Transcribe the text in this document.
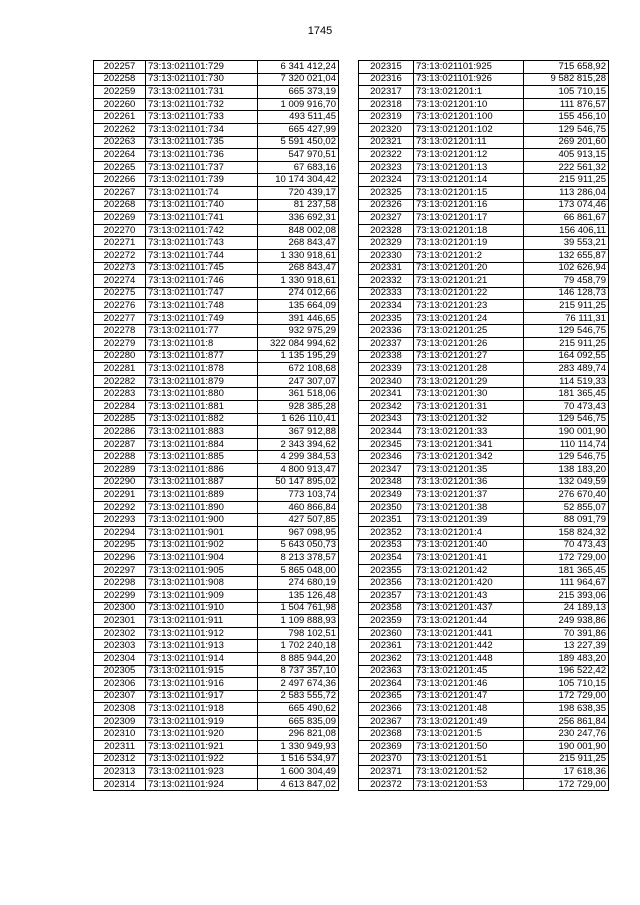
1745
202257	73:13:021101:729	6 341 412,24
202258	73:13:021101:730	7 320 021,04
202259	73:13:021101:731	665 373,19
202260	73:13:021101:732	1 009 916,70
202261	73:13:021101:733	493 511,45
202262	73:13:021101:734	665 427,99
202263	73:13:021101:735	5 591 450,02
202264	73:13:021101:736	547 970,51
202265	73:13:021101:737	67 683,16
202266	73:13:021101:739	10 174 304,42
202267	73:13:021101:74	720 439,17
202268	73:13:021101:740	81 237,58
202269	73:13:021101:741	336 692,31
202270	73:13:021101:742	848 002,08
202271	73:13:021101:743	268 843,47
202272	73:13:021101:744	1 330 918,61
202273	73:13:021101:745	268 843,47
202274	73:13:021101:746	1 330 918,61
202275	73:13:021101:747	274 012,66
202276	73:13:021101:748	135 664,09
202277	73:13:021101:749	391 446,65
202278	73:13:021101:77	932 975,29
202279	73:13:021101:8	322 084 994,62
202280	73:13:021101:877	1 135 195,29
202281	73:13:021101:878	672 108,68
202282	73:13:021101:879	247 307,07
202283	73:13:021101:880	361 518,06
202284	73:13:021101:881	928 385,28
202285	73:13:021101:882	1 626 110,41
202286	73:13:021101:883	367 912,88
202287	73:13:021101:884	2 343 394,62
202288	73:13:021101:885	4 299 384,53
202289	73:13:021101:886	4 800 913,47
202290	73:13:021101:887	50 147 895,02
202291	73:13:021101:889	773 103,74
202292	73:13:021101:890	460 866,84
202293	73:13:021101:900	427 507,85
202294	73:13:021101:901	967 098,95
202295	73:13:021101:902	5 643 050,73
202296	73:13:021101:904	8 213 378,57
202297	73:13:021101:905	5 865 048,00
202298	73:13:021101:908	274 680,19
202299	73:13:021101:909	135 126,48
202300	73:13:021101:910	1 504 761,98
202301	73:13:021101:911	1 109 888,93
202302	73:13:021101:912	798 102,51
202303	73:13:021101:913	1 702 240,18
202304	73:13:021101:914	8 885 944,20
202305	73:13:021101:915	8 737 357,10
202306	73:13:021101:916	2 497 674,36
202307	73:13:021101:917	2 583 555,72
202308	73:13:021101:918	665 490,62
202309	73:13:021101:919	665 835,09
202310	73:13:021101:920	296 821,08
202311	73:13:021101:921	1 330 949,93
202312	73:13:021101:922	1 516 534,97
202313	73:13:021101:923	1 600 304,49
202314	73:13:021101:924	4 613 847,02
202315	73:13:021101:925	715 658,92
202316	73:13:021101:926	9 582 815,28
202317	73:13:021201:1	105 710,15
202318	73:13:021201:10	111 876,57
202319	73:13:021201:100	155 456,10
202320	73:13:021201:102	129 546,75
202321	73:13:021201:11	269 201,60
202322	73:13:021201:12	405 913,15
202323	73:13:021201:13	222 561,32
202324	73:13:021201:14	215 911,25
202325	73:13:021201:15	113 286,04
202326	73:13:021201:16	173 074,46
202327	73:13:021201:17	66 861,67
202328	73:13:021201:18	156 406,11
202329	73:13:021201:19	39 553,21
202330	73:13:021201:2	132 655,87
202331	73:13:021201:20	102 626,94
202332	73:13:021201:21	79 458,79
202333	73:13:021201:22	146 128,73
202334	73:13:021201:23	215 911,25
202335	73:13:021201:24	76 111,31
202336	73:13:021201:25	129 546,75
202337	73:13:021201:26	215 911,25
202338	73:13:021201:27	164 092,55
202339	73:13:021201:28	283 489,74
202340	73:13:021201:29	114 519,33
202341	73:13:021201:30	181 365,45
202342	73:13:021201:31	70 473,43
202343	73:13:021201:32	129 546,75
202344	73:13:021201:33	190 001,90
202345	73:13:021201:341	110 114,74
202346	73:13:021201:342	129 546,75
202347	73:13:021201:35	138 183,20
202348	73:13:021201:36	132 049,59
202349	73:13:021201:37	276 670,40
202350	73:13:021201:38	52 855,07
202351	73:13:021201:39	88 091,79
202352	73:13:021201:4	158 824,32
202353	73:13:021201:40	70 473,43
202354	73:13:021201:41	172 729,00
202355	73:13:021201:42	181 365,45
202356	73:13:021201:420	111 964,67
202357	73:13:021201:43	215 393,06
202358	73:13:021201:437	24 189,13
202359	73:13:021201:44	249 938,86
202360	73:13:021201:441	70 391,86
202361	73:13:021201:442	13 227,39
202362	73:13:021201:448	189 483,20
202363	73:13:021201:45	196 522,42
202364	73:13:021201:46	105 710,15
202365	73:13:021201:47	172 729,00
202366	73:13:021201:48	198 638,35
202367	73:13:021201:49	256 861,84
202368	73:13:021201:5	230 247,76
202369	73:13:021201:50	190 001,90
202370	73:13:021201:51	215 911,25
202371	73:13:021201:52	17 618,36
202372	73:13:021201:53	172 729,00
